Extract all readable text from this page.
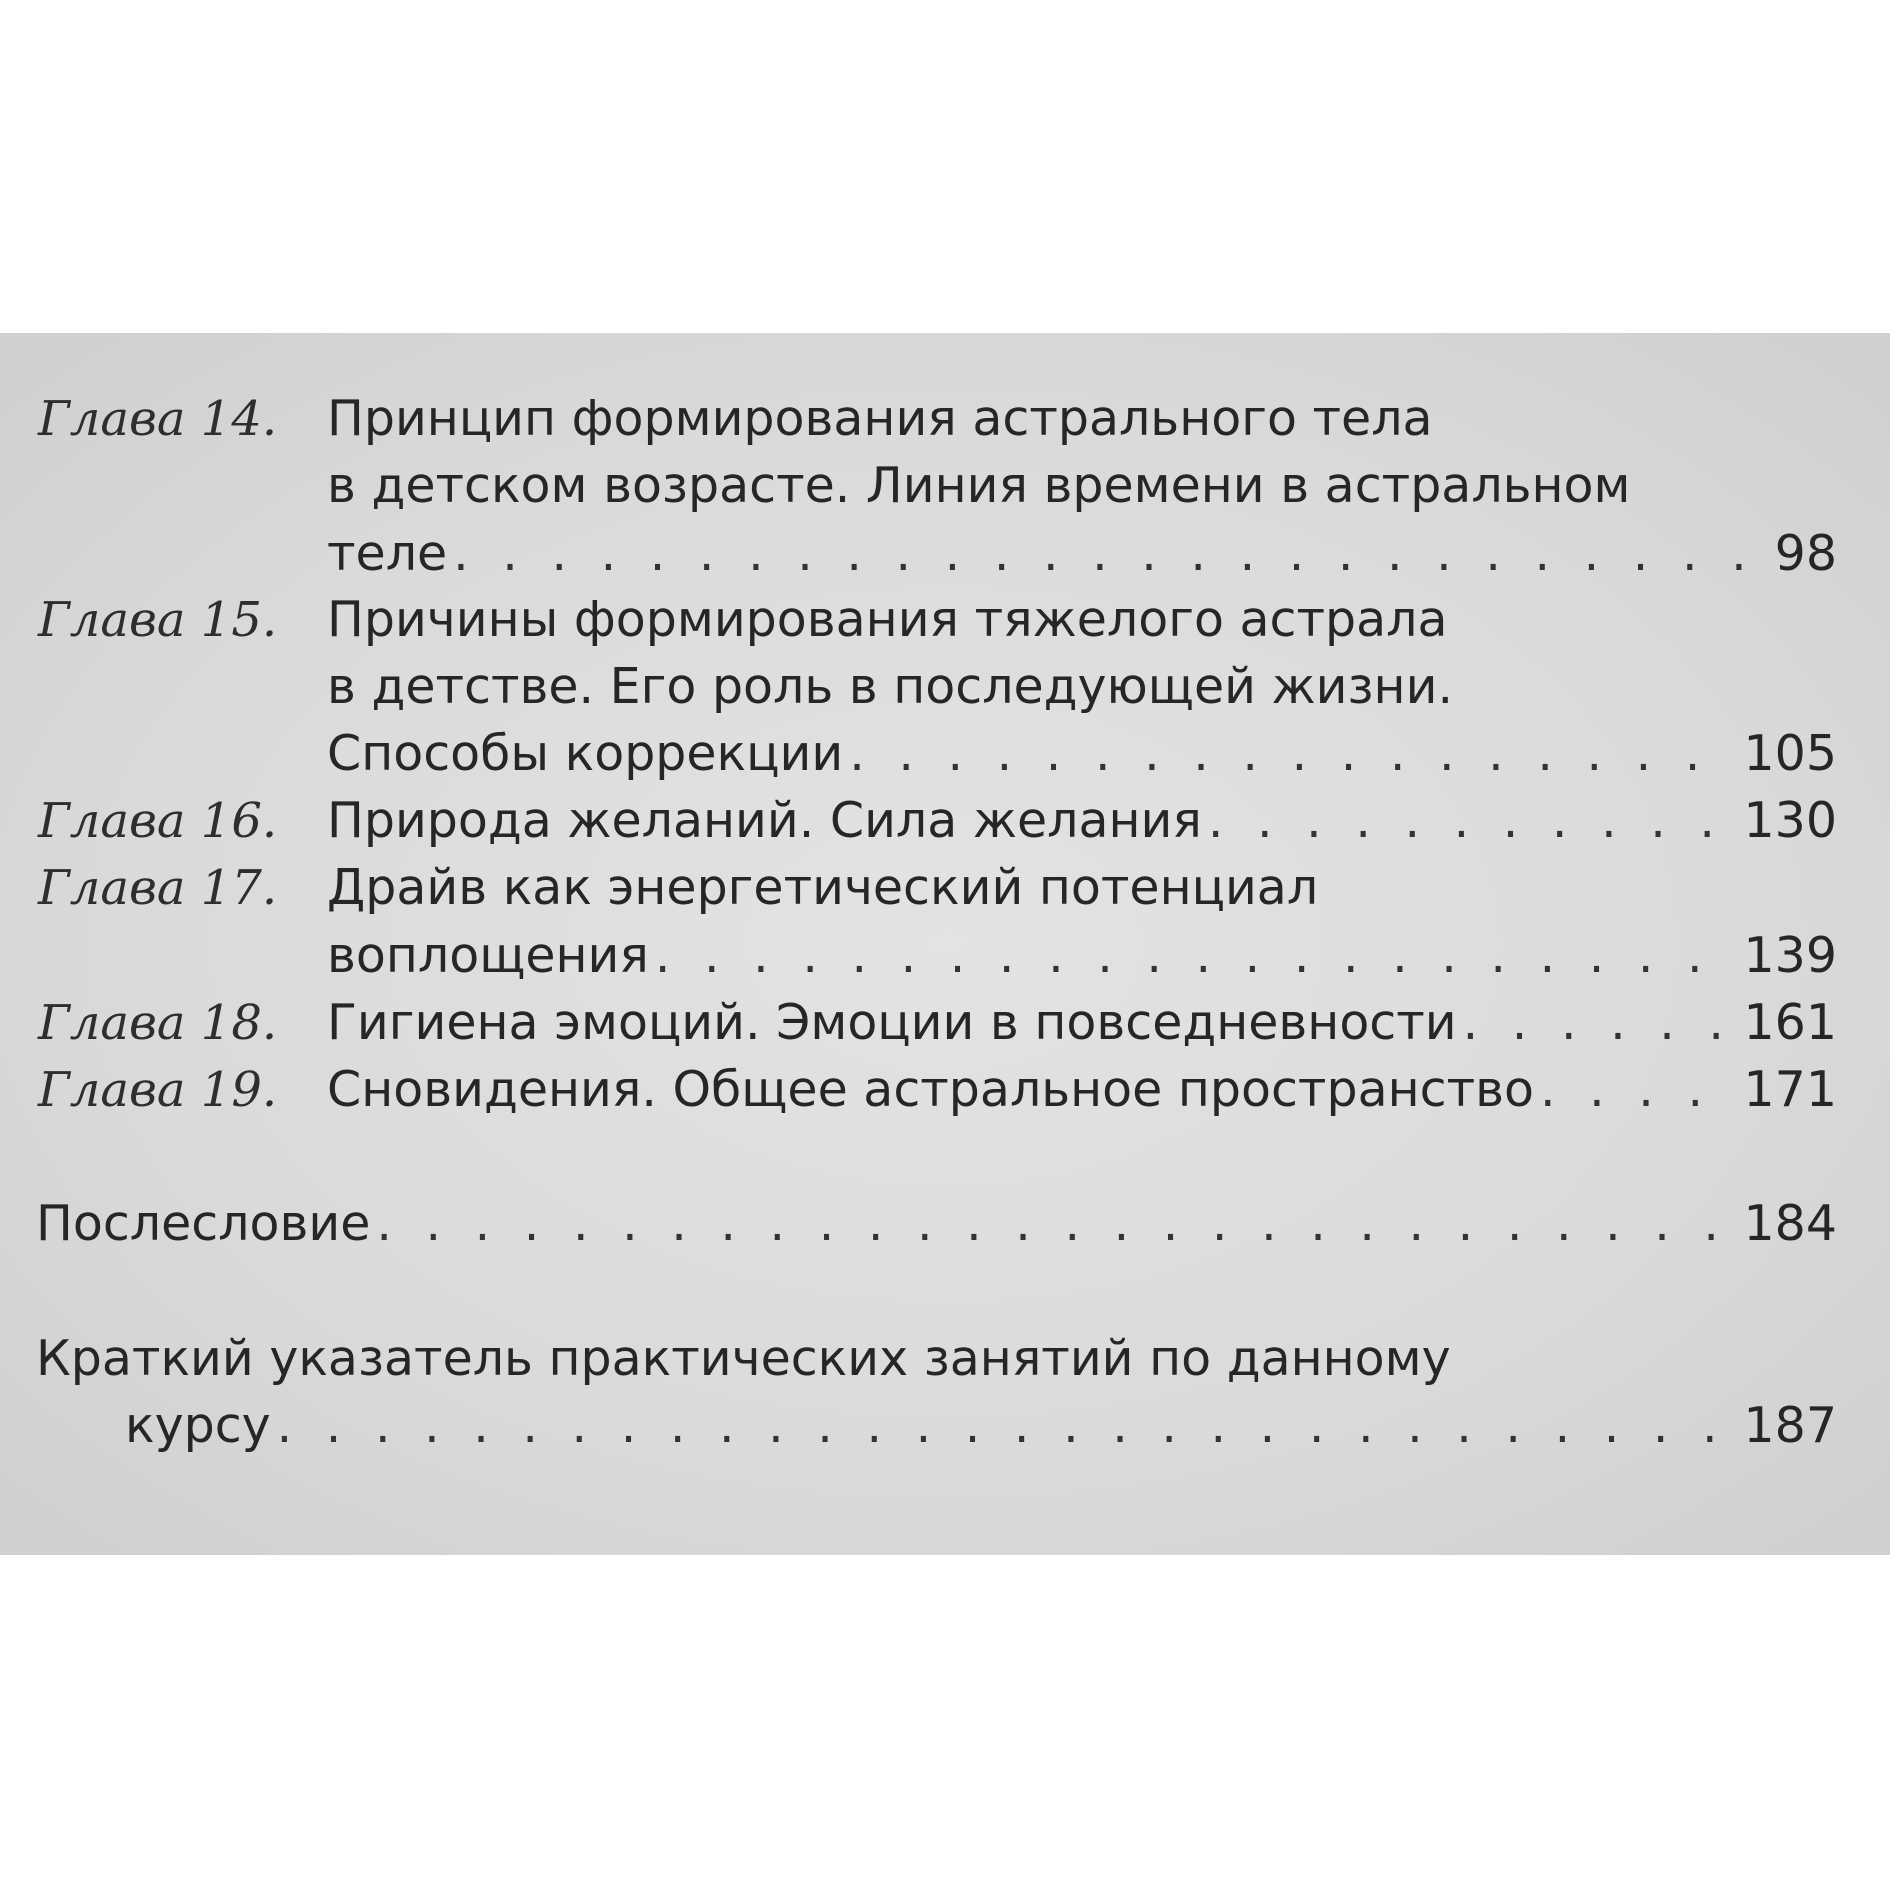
Глава 14. Принцип формирования астрального тела
в детском возрасте. Линия времени в астральном
теле . . .	98
Глава 15. Причины формирования тяжелого астрала
в детстве. Его роль в последующей жизни.
Способы коррекции . . .	105
Глава 16. Природа желаний. Сила желания . . .	130
Глава 17. Драйв как энергетический потенциал
воплощения . . .	139
Глава 18. Гигиена эмоций. Эмоции в повседневности . . .	161
Глава 19. Сновидения. Общее астральное пространство . . .	171
Послесловие . . .	184
Краткий указатель практических занятий по данному
курсу . . .	187
